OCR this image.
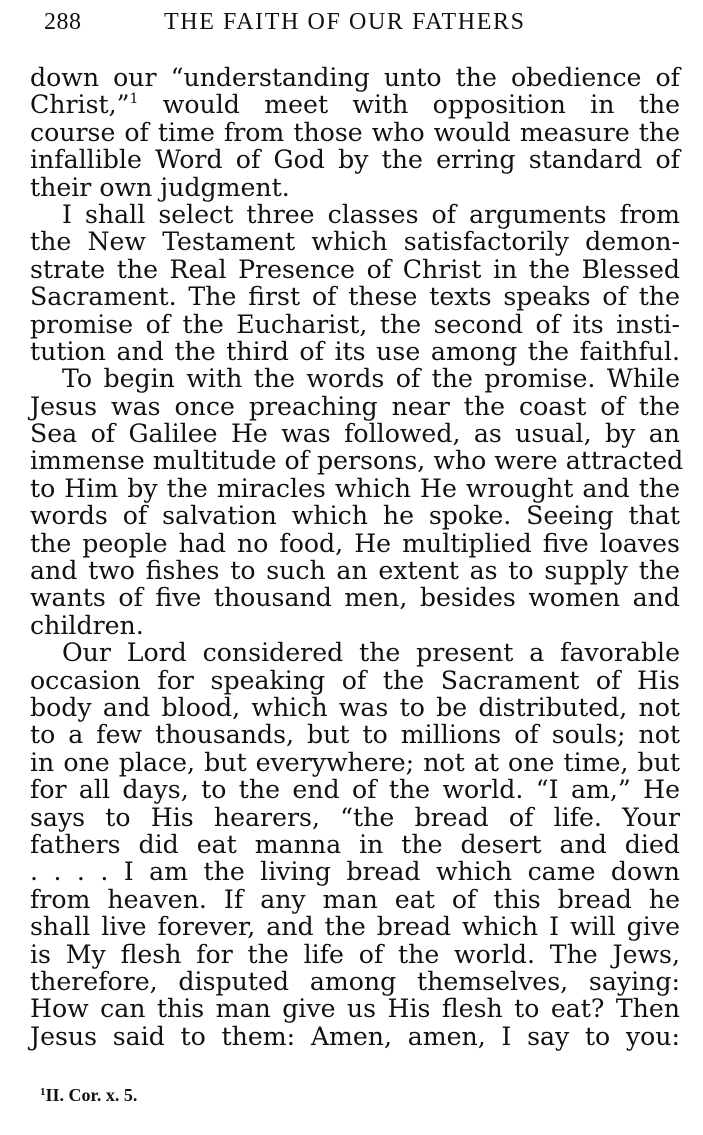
288	THE FAITH OF OUR FATHERS
down our “understanding unto the obedience of
Christ,”$^1$ would meet with opposition in the
course of time from those who would measure the
infallible Word of God by the erring standard of
their own judgment.
I shall select three classes of arguments from
the New Testament which satisfactorily demon-
strate the Real Presence of Christ in the Blessed
Sacrament. The first of these texts speaks of the
promise of the Eucharist, the second of its insti-
tution and the third of its use among the faithful.
To begin with the words of the promise. While
Jesus was once preaching near the coast of the
Sea of Galilee He was followed, as usual, by an
immense multitude of persons, who were attracted
to Him by the miracles which He wrought and the
words of salvation which he spoke. Seeing that
the people had no food, He multiplied five loaves
and two fishes to such an extent as to supply the
wants of five thousand men, besides women and
children.
Our Lord considered the present a favorable
occasion for speaking of the Sacrament of His
body and blood, which was to be distributed, not
to a few thousands, but to millions of souls; not
in one place, but everywhere; not at one time, but
for all days, to the end of the world. “I am,” He
says to His hearers, “the bread of life. Your
fathers did eat manna in the desert and died
. . . . I am the living bread which came down
from heaven. If any man eat of this bread he
shall live forever, and the bread which I will give
is My flesh for the life of the world. The Jews,
therefore, disputed among themselves, saying:
How can this man give us His flesh to eat? Then
Jesus said to them: Amen, amen, I say to you:
$^1$II. Cor. x. 5.
